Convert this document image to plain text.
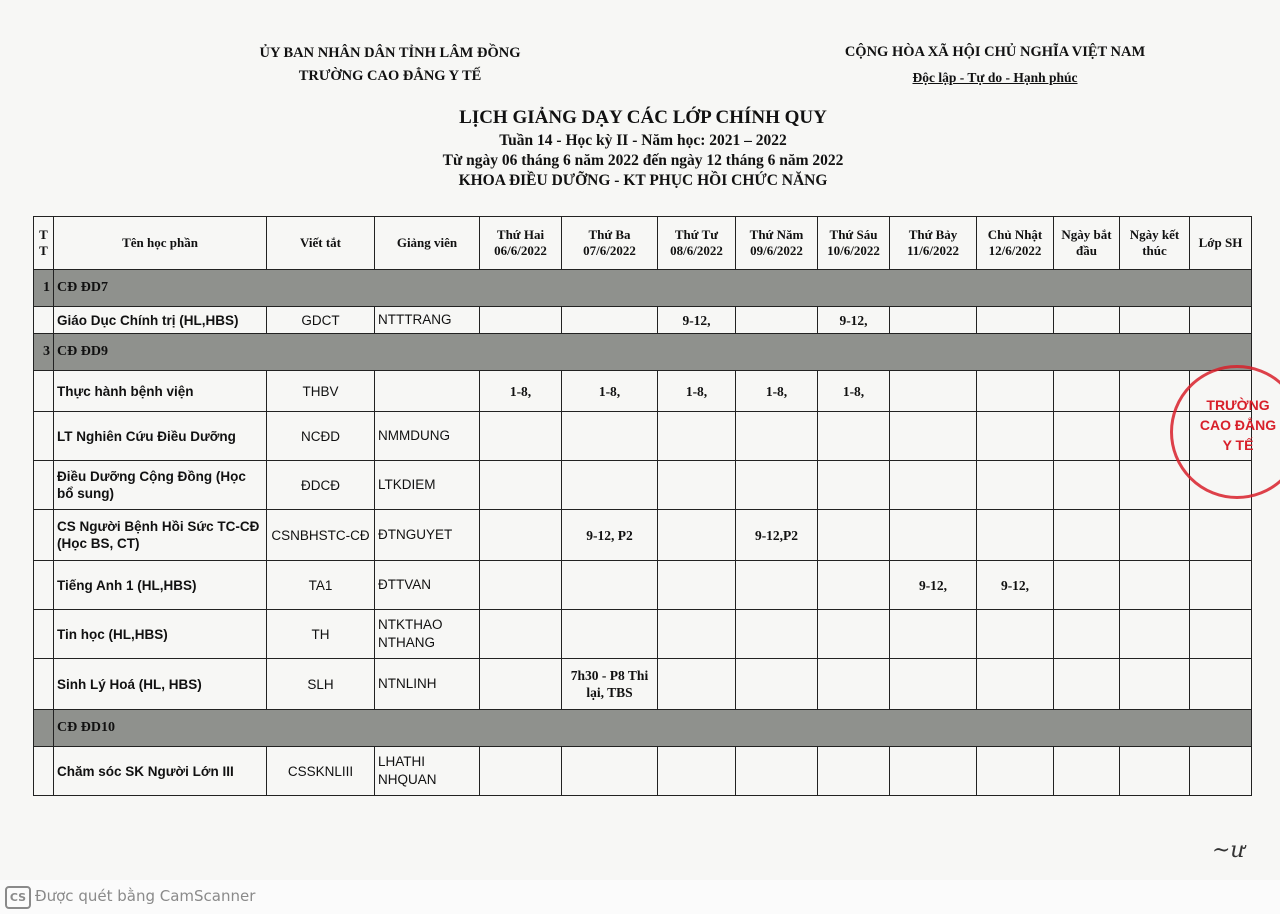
ỦY BAN NHÂN DÂN TỈNH LÂM ĐỒNG
TRƯỜNG CAO ĐẲNG Y TẾ
CỘNG HÒA XÃ HỘI CHỦ NGHĨA VIỆT NAM
Độc lập - Tự do - Hạnh phúc
LỊCH GIẢNG DẠY CÁC LỚP CHÍNH QUY
Tuần 14 - Học kỳ II - Năm học: 2021 – 2022
Từ ngày 06 tháng 6 năm 2022 đến ngày 12 tháng 6 năm 2022
KHOA ĐIỀU DƯỠNG - KT PHỤC HỒI CHỨC NĂNG
T T	Tên học phần	Viết tắt	Giảng viên	Thứ Hai 06/6/2022	Thứ Ba 07/6/2022	Thứ Tư 08/6/2022	Thứ Năm 09/6/2022	Thứ Sáu 10/6/2022	Thứ Bảy 11/6/2022	Chủ Nhật 12/6/2022	Ngày bắt đầu	Ngày kết thúc	Lớp SH
1	CĐ ĐD7												
	Giáo Dục Chính trị (HL,HBS)	GDCT	NTTTRANG			9-12,		9-12,					
3	CĐ ĐD9												
	Thực hành bệnh viện	THBV		1-8,	1-8,	1-8,	1-8,	1-8,					
	LT Nghiên Cứu Điều Dưỡng	NCĐD	NMMDUNG										
	Điều Dưỡng Cộng Đồng (Học bổ sung)	ĐDCĐ	LTKDIEM										
	CS Người Bệnh Hồi Sức TC-CĐ (Học BS, CT)	CSNBHSTC-CĐ	ĐTNGUYET		9-12, P2		9-12,P2						
	Tiếng Anh 1 (HL,HBS)	TA1	ĐTTVAN						9-12,	9-12,			
	Tin học (HL,HBS)	TH	NTKTHAO NTHANG										
	Sinh Lý Hoá (HL, HBS)	SLH	NTNLINH		7h30 - P8 Thi lại, TBS								
	CĐ ĐD10												
	Chăm sóc SK Người Lớn III	CSSKNLIII	LHATHI NHQUAN										
TRƯỜNG CAO ĐẲNG Y TẾ
~ư
CS Được quét bằng CamScanner
